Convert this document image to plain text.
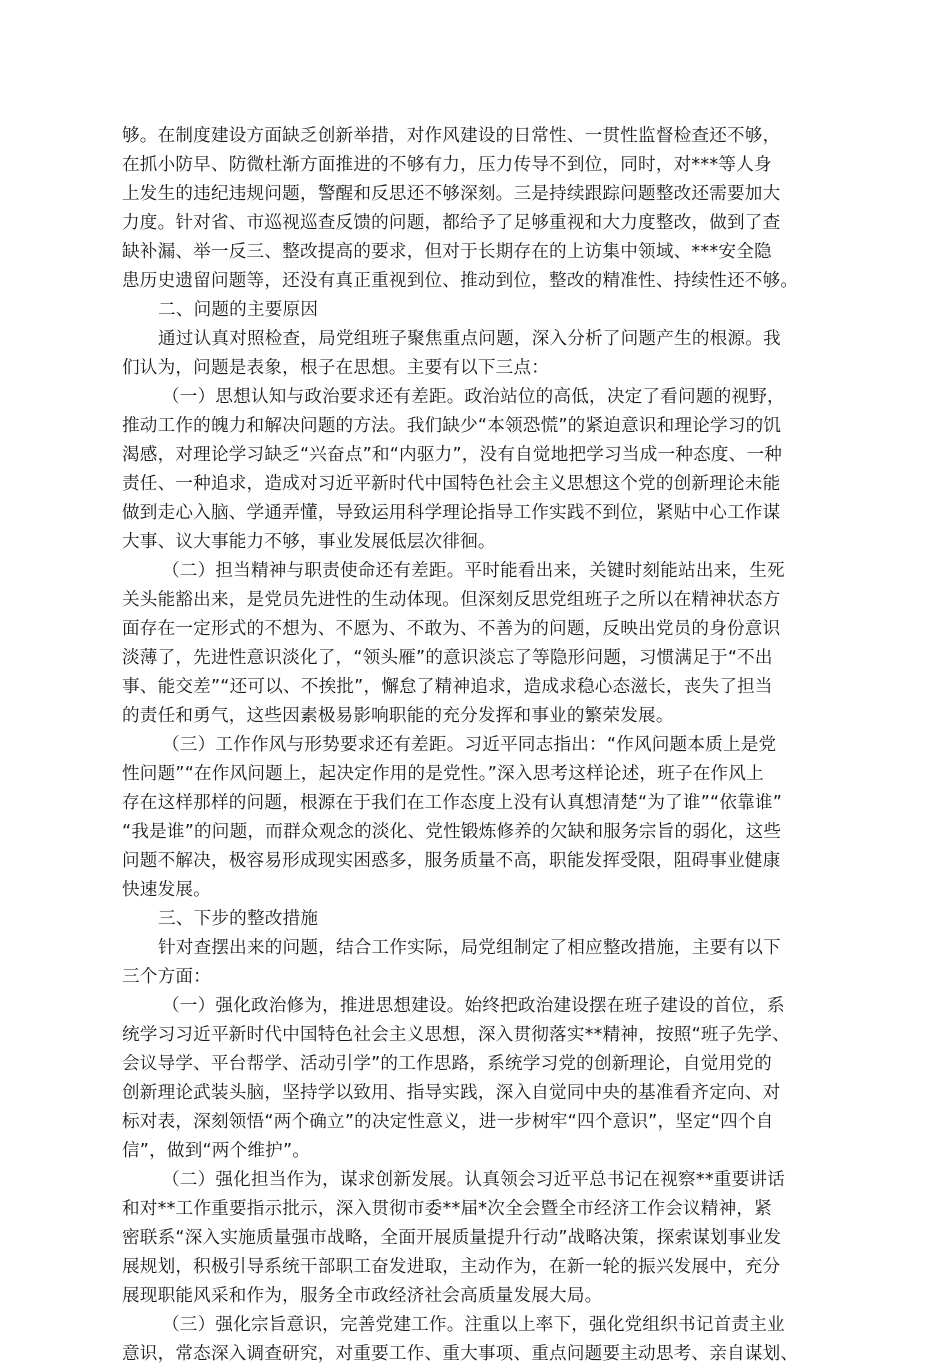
够。在制度建设方面缺乏创新举措，对作风建设的日常性、一贯性监督检查还不够，
在抓小防早、防微杜渐方面推进的不够有力，压力传导不到位，同时，对***等人身
上发生的违纪违规问题，警醒和反思还不够深刻。三是持续跟踪问题整改还需要加大
力度。针对省、市巡视巡查反馈的问题，都给予了足够重视和大力度整改，做到了查
缺补漏、举一反三、整改提高的要求，但对于长期存在的上访集中领域、***安全隐
患历史遗留问题等，还没有真正重视到位、推动到位，整改的精准性、持续性还不够。
二、问题的主要原因
通过认真对照检查，局党组班子聚焦重点问题，深入分析了问题产生的根源。我
们认为，问题是表象，根子在思想。主要有以下三点：
（一）思想认知与政治要求还有差距。政治站位的高低，决定了看问题的视野，
推动工作的魄力和解决问题的方法。我们缺少“本领恐慌”的紧迫意识和理论学习的饥
渴感，对理论学习缺乏“兴奋点”和“内驱力”，没有自觉地把学习当成一种态度、一种
责任、一种追求，造成对习近平新时代中国特色社会主义思想这个党的创新理论未能
做到走心入脑、学通弄懂，导致运用科学理论指导工作实践不到位，紧贴中心工作谋
大事、议大事能力不够，事业发展低层次徘徊。
（二）担当精神与职责使命还有差距。平时能看出来，关键时刻能站出来，生死
关头能豁出来，是党员先进性的生动体现。但深刻反思党组班子之所以在精神状态方
面存在一定形式的不想为、不愿为、不敢为、不善为的问题，反映出党员的身份意识
淡薄了，先进性意识淡化了，“领头雁”的意识淡忘了等隐形问题，习惯满足于“不出
事、能交差”“还可以、不挨批”，懈怠了精神追求，造成求稳心态滋长，丧失了担当
的责任和勇气，这些因素极易影响职能的充分发挥和事业的繁荣发展。
（三）工作作风与形势要求还有差距。习近平同志指出：“作风问题本质上是党
性问题”“在作风问题上，起决定作用的是党性。”深入思考这样论述，班子在作风上
存在这样那样的问题，根源在于我们在工作态度上没有认真想清楚“为了谁”“依靠谁”
“我是谁”的问题，而群众观念的淡化、党性锻炼修养的欠缺和服务宗旨的弱化，这些
问题不解决，极容易形成现实困惑多，服务质量不高，职能发挥受限，阻碍事业健康
快速发展。
三、下步的整改措施
针对查摆出来的问题，结合工作实际，局党组制定了相应整改措施，主要有以下
三个方面：
（一）强化政治修为，推进思想建设。始终把政治建设摆在班子建设的首位，系
统学习习近平新时代中国特色社会主义思想，深入贯彻落实**精神，按照“班子先学、
会议导学、平台帮学、活动引学”的工作思路，系统学习党的创新理论，自觉用党的
创新理论武装头脑，坚持学以致用、指导实践，深入自觉同中央的基准看齐定向、对
标对表，深刻领悟“两个确立”的决定性意义，进一步树牢“四个意识”，坚定“四个自
信”，做到“两个维护”。
（二）强化担当作为，谋求创新发展。认真领会习近平总书记在视察**重要讲话
和对**工作重要指示批示，深入贯彻市委**届*次全会暨全市经济工作会议精神，紧
密联系“深入实施质量强市战略，全面开展质量提升行动”战略决策，探索谋划事业发
展规划，积极引导系统干部职工奋发进取，主动作为，在新一轮的振兴发展中，充分
展现职能风采和作为，服务全市政经济社会高质量发展大局。
（三）强化宗旨意识，完善党建工作。注重以上率下，强化党组织书记首责主业
意识，常态深入调查研究，对重要工作、重大事项、重点问题要主动思考、亲自谋划、
